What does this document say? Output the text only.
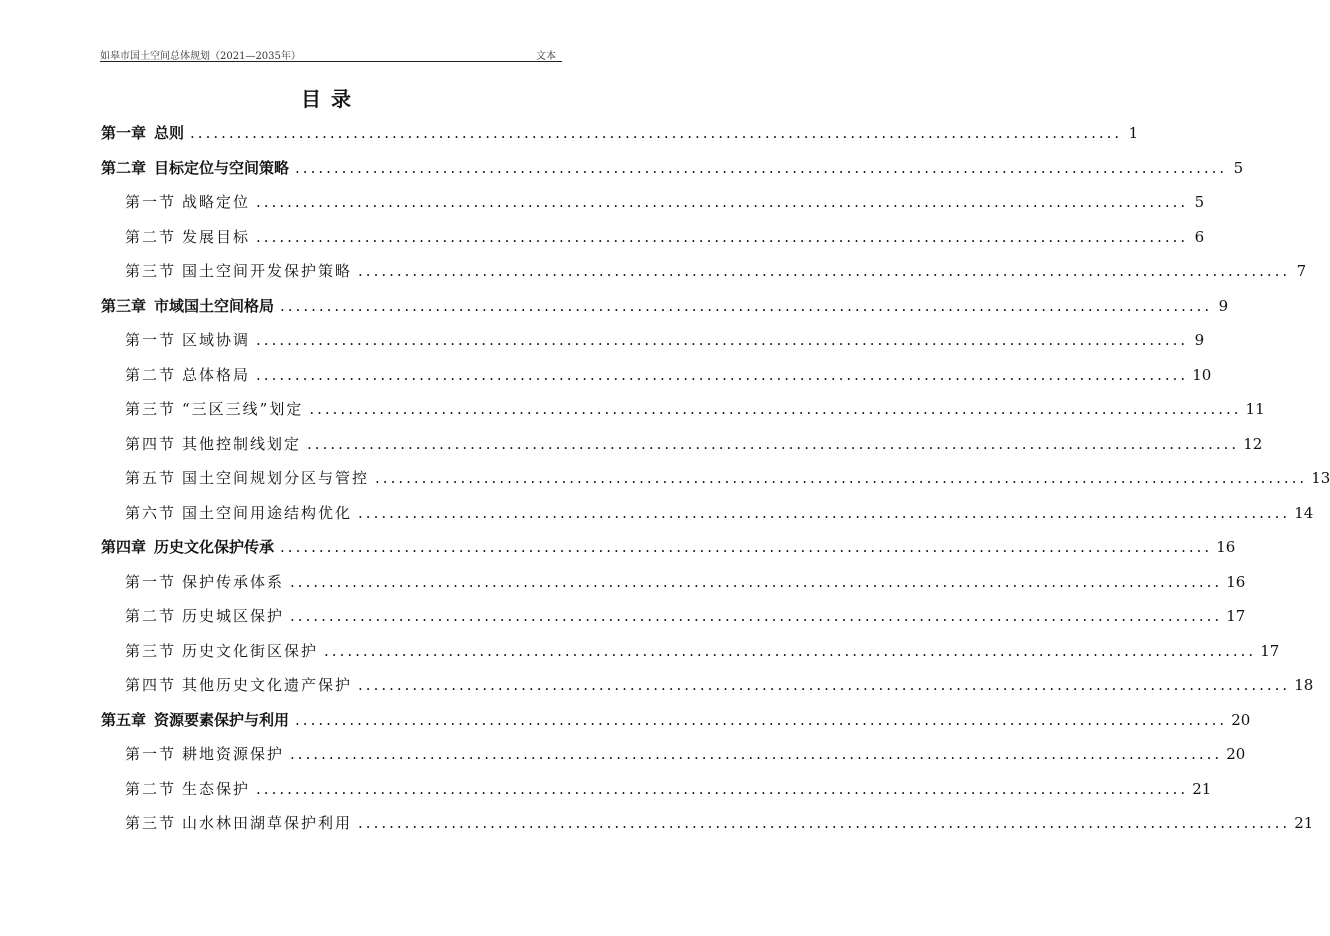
如皋市国土空间总体规划（2021—2035年）	文本
目录
第一章 总则 ........................................................................................................................ 1
第二章 目标定位与空间策略 ........................................................................................................................ 5
第一节 战略定位 ........................................................................................................................ 5
第二节 发展目标 ........................................................................................................................ 6
第三节 国土空间开发保护策略 ........................................................................................................................ 7
第三章 市域国土空间格局 ........................................................................................................................ 9
第一节 区域协调 ........................................................................................................................ 9
第二节 总体格局 ........................................................................................................................ 10
第三节 “三区三线”划定 ........................................................................................................................ 11
第四节 其他控制线划定 ........................................................................................................................ 12
第五节 国土空间规划分区与管控 ........................................................................................................................ 13
第六节 国土空间用途结构优化 ........................................................................................................................ 14
第四章 历史文化保护传承 ........................................................................................................................ 16
第一节 保护传承体系 ........................................................................................................................ 16
第二节 历史城区保护 ........................................................................................................................ 17
第三节 历史文化街区保护 ........................................................................................................................ 17
第四节 其他历史文化遗产保护 ........................................................................................................................ 18
第五章 资源要素保护与利用 ........................................................................................................................ 20
第一节 耕地资源保护 ........................................................................................................................ 20
第二节 生态保护 ........................................................................................................................ 21
第三节 山水林田湖草保护利用 ........................................................................................................................ 21
